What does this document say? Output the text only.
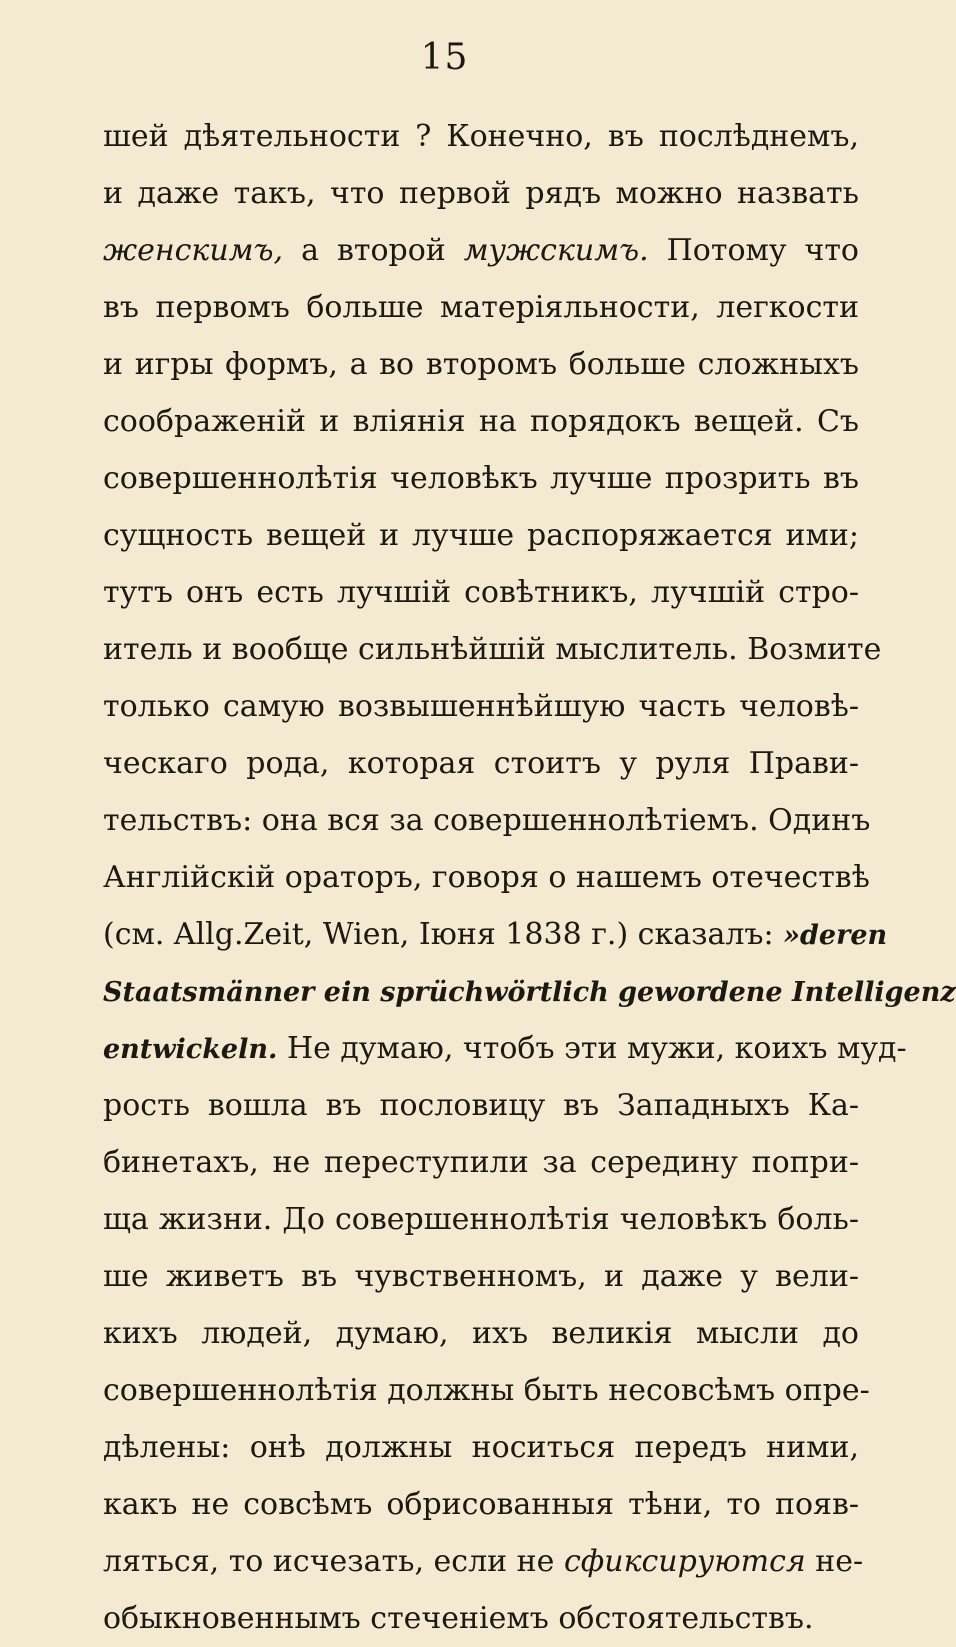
15
шей дѣятельности ? Конечно, въ послѣднемъ,
и даже такъ, что первой рядъ можно назвать
женскимъ, а второй мужскимъ. Потому что
въ первомъ больше матеріяльности, легкости
и игры формъ, а во второмъ больше сложныхъ
соображеній и вліянія на порядокъ вещей. Съ
совершеннолѣтія человѣкъ лучше прозрить въ
сущность вещей и лучше распоряжается ими;
тутъ онъ есть лучшій совѣтникъ, лучшій стро-
итель и вообще сильнѣйшій мыслитель. Возмите
только самую возвышеннѣйшую часть человѣ-
ческаго рода, которая стоитъ у руля Прави-
тельствъ: она вся за совершеннолѣтіемъ. Одинъ
Англійскій ораторъ, говоря о нашемъ отечествѣ
(см. Allg.Zeit, Wien, Іюня 1838 г.) сказалъ: »deren
Staatsmänner ein sprüchwörtlich gewordene Intelligenz
entwickeln. Не думаю, чтобъ эти мужи, коихъ муд-
рость вошла въ пословицу въ Западныхъ Ка-
бинетахъ, не переступили за середину попри-
ща жизни. До совершеннолѣтія человѣкъ боль-
ше живетъ въ чувственномъ, и даже у вели-
кихъ людей, думаю, ихъ великія мысли до
совершеннолѣтія должны быть несовсѣмъ опре-
дѣлены: онѣ должны носиться передъ ними,
какъ не совсѣмъ обрисованныя тѣни, то появ-
ляться, то исчезать, если не сфиксируются не-
обыкновеннымъ стеченіемъ обстоятельствъ.
